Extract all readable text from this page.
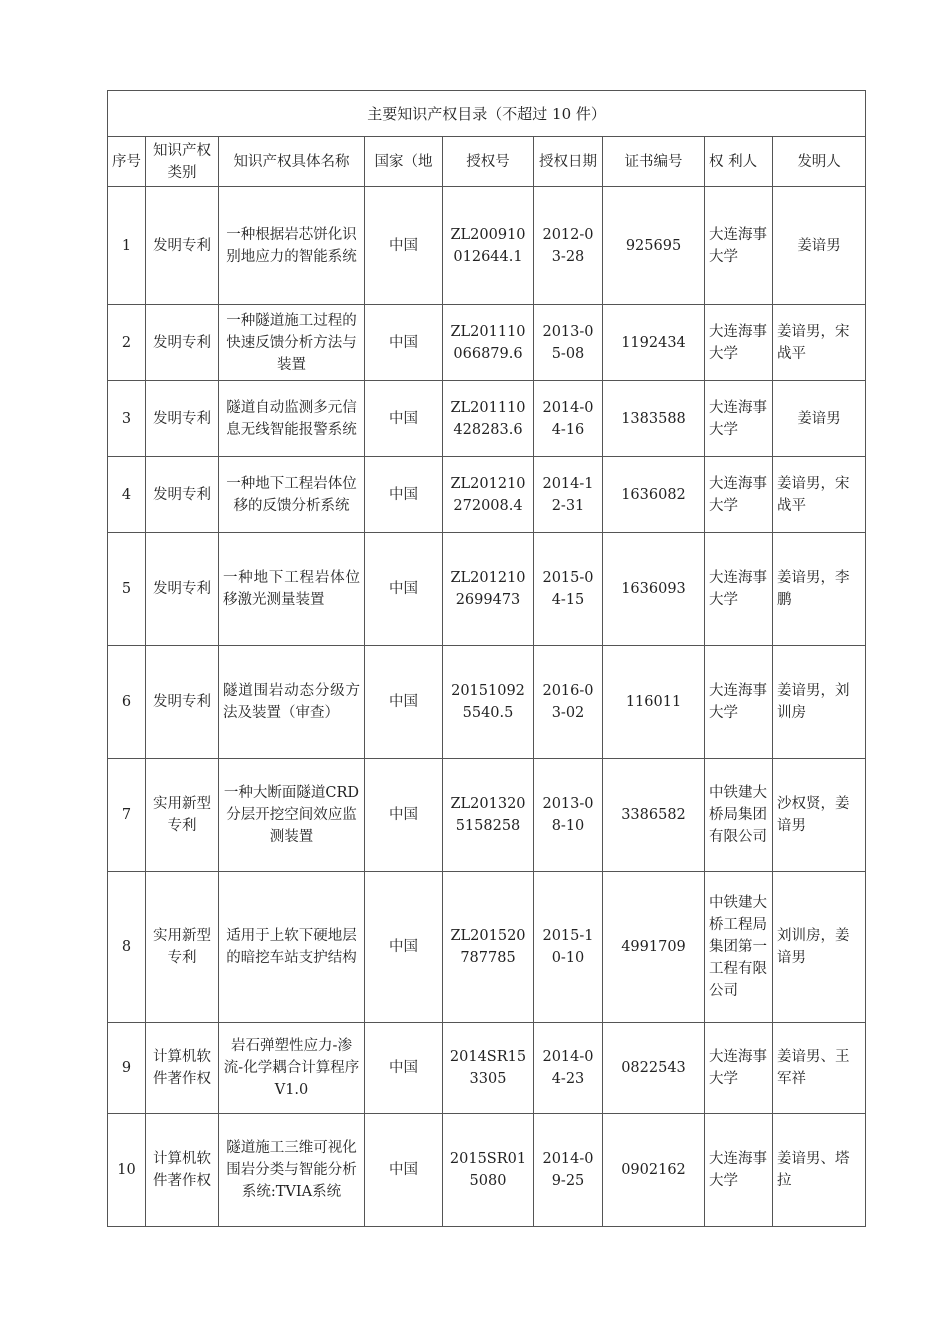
主要知识产权目录（不超过 10 件）								
序号	知识产权类别	知识产权具体名称	国家（地	授权号	授权日期	证书编号	权 利人	发明人
1	发明专利	一种根据岩芯饼化识别地应力的智能系统	中国	ZL200910012644.1	2012-03-28	925695	大连海事大学	姜谙男
2	发明专利	一种隧道施工过程的快速反馈分析方法与装置	中国	ZL201110066879.6	2013-05-08	1192434	大连海事大学	姜谙男，宋战平
3	发明专利	隧道自动监测多元信息无线智能报警系统	中国	ZL201110428283.6	2014-04-16	1383588	大连海事大学	姜谙男
4	发明专利	一种地下工程岩体位移的反馈分析系统	中国	ZL201210272008.4	2014-12-31	1636082	大连海事大学	姜谙男，宋战平
5	发明专利	一种地下工程岩体位移激光测量装置	中国	ZL2012102699473	2015-04-15	1636093	大连海事大学	姜谙男，李鹏
6	发明专利	隧道围岩动态分级方法及装置（审查）	中国	201510925540.5	2016-03-02	116011	大连海事大学	姜谙男，刘训房
7	实用新型专利	一种大断面隧道CRD分层开挖空间效应监测装置	中国	ZL2013205158258	2013-08-10	3386582	中铁建大桥局集团有限公司	沙权贤，姜谙男
8	实用新型专利	适用于上软下硬地层的暗挖车站支护结构	中国	ZL201520787785	2015-10-10	4991709	中铁建大桥工程局集团第一工程有限公司	刘训房，姜谙男
9	计算机软件著作权	岩石弹塑性应力-渗流-化学耦合计算程序V1.0	中国	2014SR153305	2014-04-23	0822543	大连海事大学	姜谙男、王军祥
10	计算机软件著作权	隧道施工三维可视化围岩分类与智能分析系统:TVIA系统	中国	2015SR015080	2014-09-25	0902162	大连海事大学	姜谙男、塔拉
